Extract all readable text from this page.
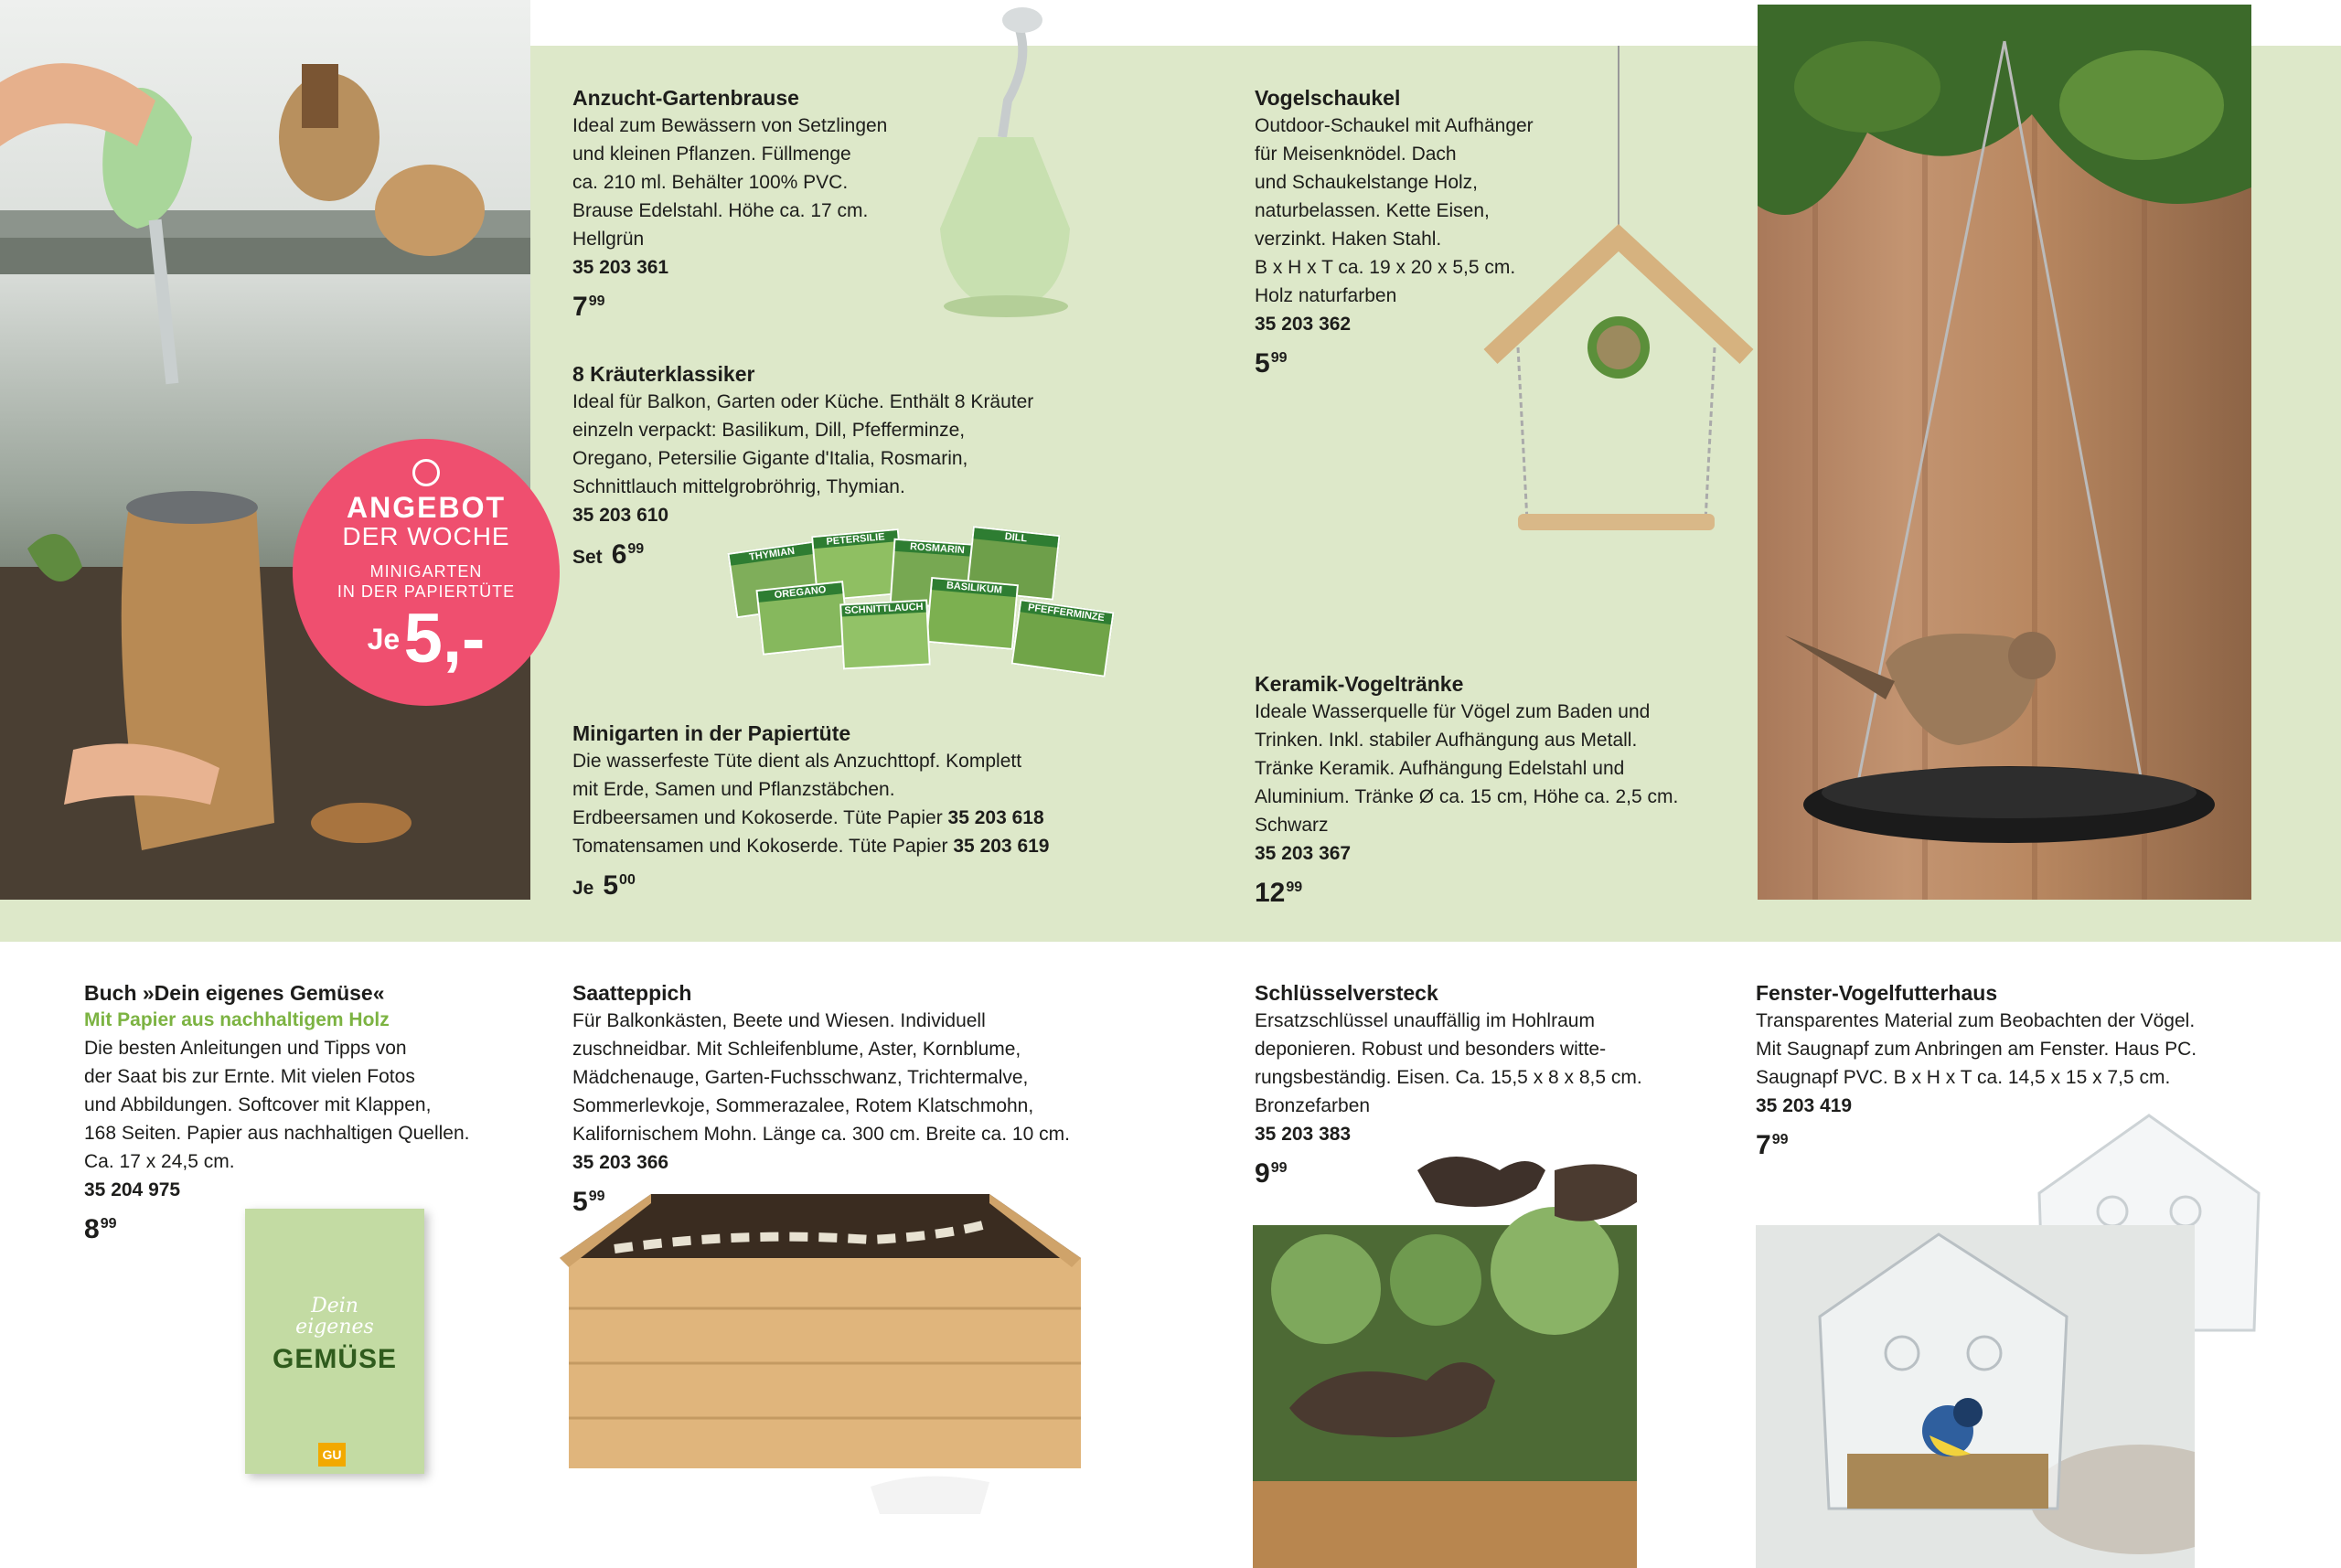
ANGEBOT
DER WOCHE
MINIGARTEN
IN DER PAPIERTÜTE
Je 5,-
Anzucht-Gartenbrause
Ideal zum Bewässern von Setzlingen
und kleinen Pflanzen. Füllmenge
ca. 210 ml. Behälter 100% PVC.
Brause Edelstahl. Höhe ca. 17 cm.
Hellgrün
35 203 361
$7^{99}$
8 Kräuterklassiker
Ideal für Balkon, Garten oder Küche. Enthält 8 Kräuter
einzeln verpackt: Basilikum, Dill, Pfefferminze,
Oregano, Petersilie Gigante d'Italia, Rosmarin,
Schnittlauch mittelgrobröhrig, Thymian.
35 203 610
Set $6^{99}$	THYMIAN
PETERSILIE
ROSMARIN
DILL
OREGANO	BASILIKUM
SCHNITTLAUCH	PFEFFERMINZE
Minigarten in der Papiertüte
Die wasserfeste Tüte dient als Anzuchttopf. Komplett
mit Erde, Samen und Pflanzstäbchen.
Erdbeersamen und Kokoserde. Tüte Papier 35 203 618
Tomatensamen und Kokoserde. Tüte Papier 35 203 619
Je $5^{00}$
Vogelschaukel
Outdoor-Schaukel mit Aufhänger
für Meisenknödel. Dach
und Schaukelstange Holz,
naturbelassen. Kette Eisen,
verzinkt. Haken Stahl.
B x H x T ca. 19 x 20 x 5,5 cm.
Holz naturfarben
35 203 362
$5^{99}$
Keramik-Vogeltränke
Ideale Wasserquelle für Vögel zum Baden und
Trinken. Inkl. stabiler Aufhängung aus Metall.
Tränke Keramik. Aufhängung Edelstahl und
Aluminium. Tränke Ø ca. 15 cm, Höhe ca. 2,5 cm.
Schwarz
35 203 367
$12^{99}$
Buch »Dein eigenes Gemüse«
Mit Papier aus nachhaltigem Holz
Die besten Anleitungen und Tipps von
der Saat bis zur Ernte. Mit vielen Fotos
und Abbildungen. Softcover mit Klappen,
168 Seiten. Papier aus nachhaltigen Quellen.
Ca. 17 x 24,5 cm.
35 204 975
$8^{99}$
Dein
eigenes
GEMÜSE
GU
Saatteppich
Für Balkonkästen, Beete und Wiesen. Individuell
zuschneidbar. Mit Schleifenblume, Aster, Kornblume,
Mädchenauge, Garten-Fuchsschwanz, Trichtermalve,
Sommerlevkoje, Sommerazalee, Rotem Klatschmohn,
Kalifornischem Mohn. Länge ca. 300 cm. Breite ca. 10 cm.
35 203 366
$5^{99}$
Schlüsselversteck
Ersatzschlüssel unauffällig im Hohlraum
deponieren. Robust und besonders witte-
rungsbeständig. Eisen. Ca. 15,5 x 8 x 8,5 cm.
Bronzefarben
35 203 383
$9^{99}$
Fenster-Vogelfutterhaus
Transparentes Material zum Beobachten der Vögel.
Mit Saugnapf zum Anbringen am Fenster. Haus PC.
Saugnapf PVC. B x H x T ca. 14,5 x 15 x 7,5 cm.
35 203 419
$7^{99}$
